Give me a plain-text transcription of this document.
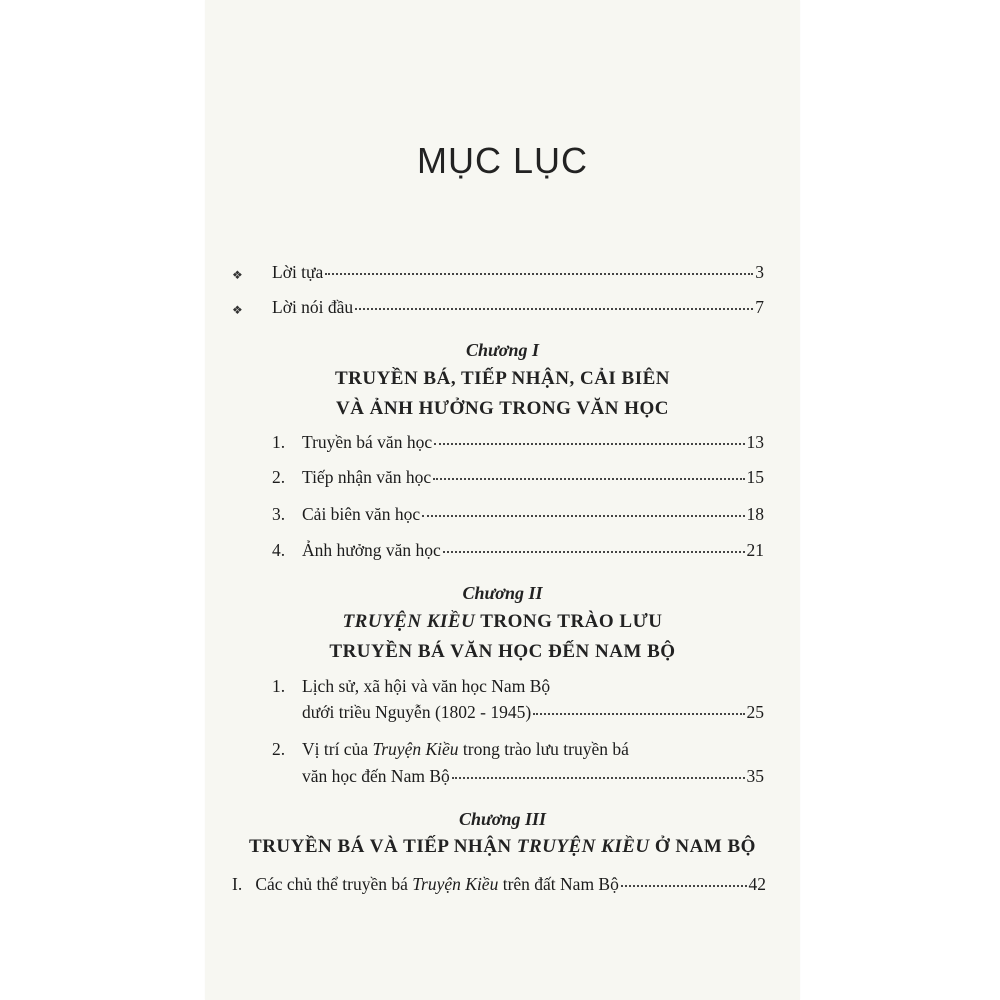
MỤC LỤC
❖ Lời tựa	3
❖ Lời nói đầu	7
Chương I
TRUYỀN BÁ, TIẾP NHẬN, CẢI BIÊN
VÀ ẢNH HƯỞNG TRONG VĂN HỌC
1. Truyền bá văn học	13
2. Tiếp nhận văn học	15
3. Cải biên văn học	18
4. Ảnh hưởng văn học	21
Chương II
TRUYỆN KIỀU TRONG TRÀO LƯU
TRUYỀN BÁ VĂN HỌC ĐẾN NAM BỘ
1. Lịch sử, xã hội và văn học Nam Bộ
dưới triều Nguyễn (1802 - 1945)	25
2. Vị trí của Truyện Kiều trong trào lưu truyền bá
văn học đến Nam Bộ	35
Chương III
TRUYỀN BÁ VÀ TIẾP NHẬN TRUYỆN KIỀU Ở NAM BỘ
I. Các chủ thể truyền bá Truyện Kiều trên đất Nam Bộ	42
